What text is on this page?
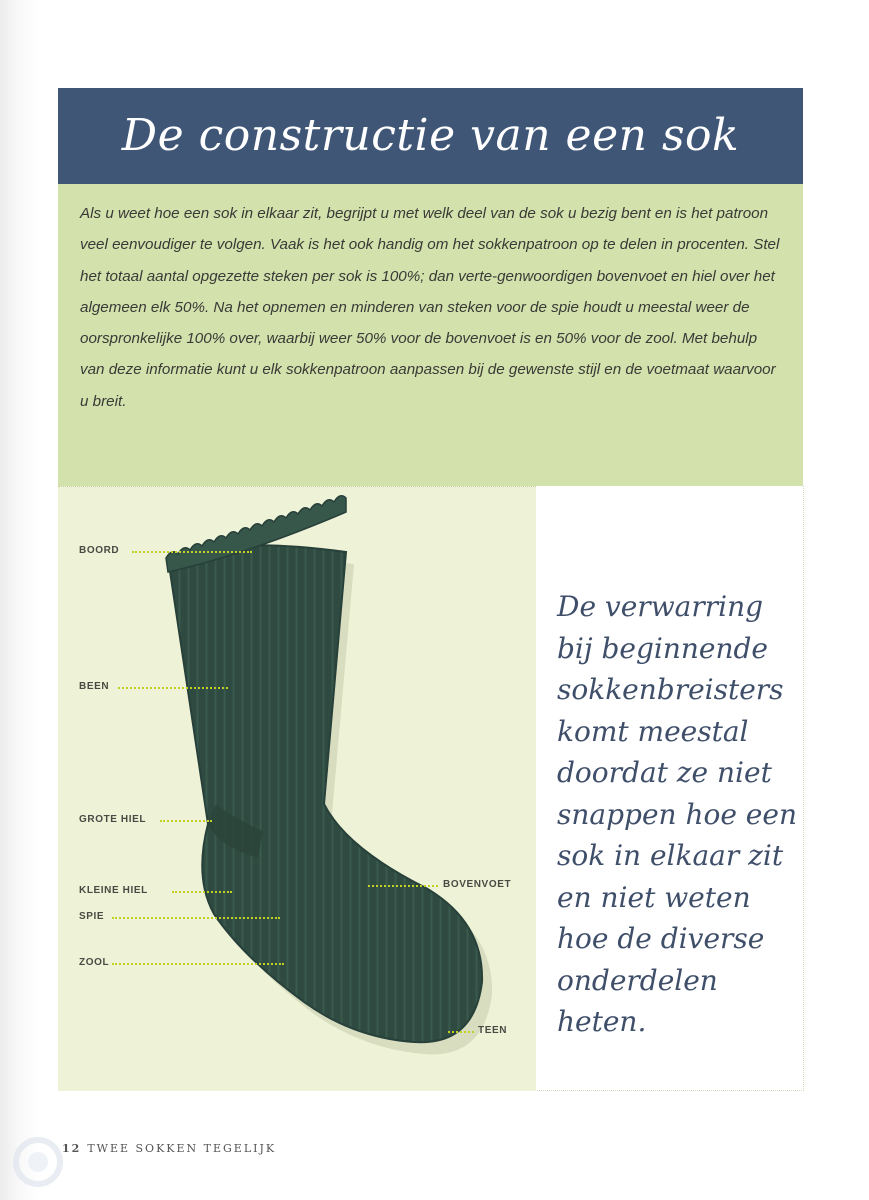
De constructie van een sok
Als u weet hoe een sok in elkaar zit, begrijpt u met welk deel van de sok u bezig bent en is het patroon veel eenvoudiger te volgen. Vaak is het ook handig om het sokkenpatroon op te delen in procenten. Stel het totaal aantal opgezette steken per sok is 100%; dan verte-genwoordigen bovenvoet en hiel over het algemeen elk 50%. Na het opnemen en minderen van steken voor de spie houdt u meestal weer de oorspronkelijke 100% over, waarbij weer 50% voor de bovenvoet is en 50% voor de zool. Met behulp van deze informatie kunt u elk sokkenpatroon aanpassen bij de gewenste stijl en de voetmaat waarvoor u breit.
BOORD
BEEN
GROTE HIEL
KLEINE HIEL
SPIE
ZOOL
BOVENVOET
TEEN
De verwarring bij beginnende sokkenbreisters komt meestal doordat ze niet snappen hoe een sok in elkaar zit en niet weten hoe de diverse onderdelen heten.
12 TWEE SOKKEN TEGELIJK
